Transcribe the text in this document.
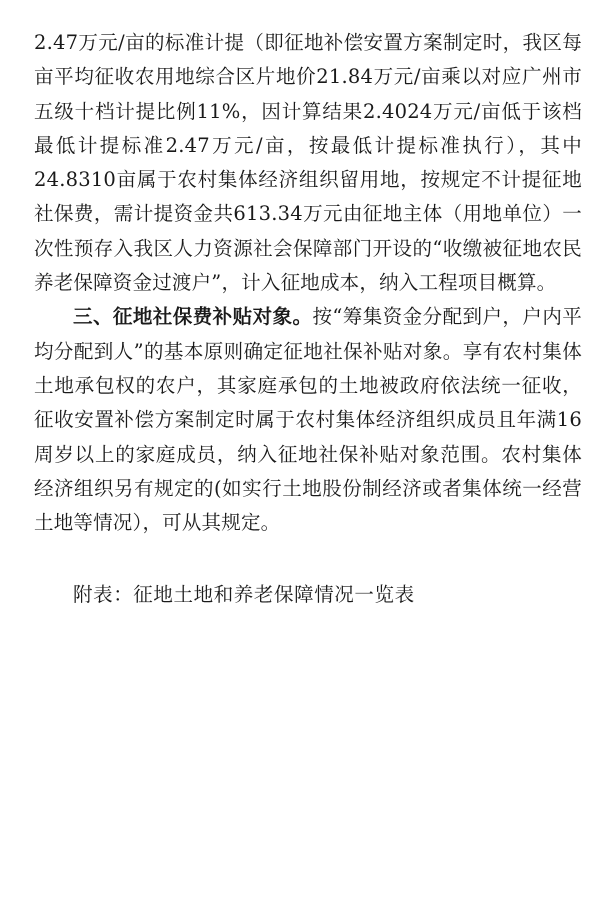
2.47万元/亩的标准计提（即征地补偿安置方案制定时，我区每亩平均征收农用地综合区片地价21.84万元/亩乘以对应广州市五级十档计提比例11%，因计算结果2.4024万元/亩低于该档最低计提标准2.47万元/亩，按最低计提标准执行），其中24.8310亩属于农村集体经济组织留用地，按规定不计提征地社保费，需计提资金共613.34万元由征地主体（用地单位）一次性预存入我区人力资源社会保障部门开设的“收缴被征地农民养老保障资金过渡户”，计入征地成本，纳入工程项目概算。

三、征地社保费补贴对象。按“筹集资金分配到户，户内平均分配到人”的基本原则确定征地社保补贴对象。享有农村集体土地承包权的农户，其家庭承包的土地被政府依法统一征收，征收安置补偿方案制定时属于农村集体经济组织成员且年满16周岁以上的家庭成员，纳入征地社保补贴对象范围。农村集体经济组织另有规定的(如实行土地股份制经济或者集体统一经营土地等情况），可从其规定。

附表：征地土地和养老保障情况一览表
